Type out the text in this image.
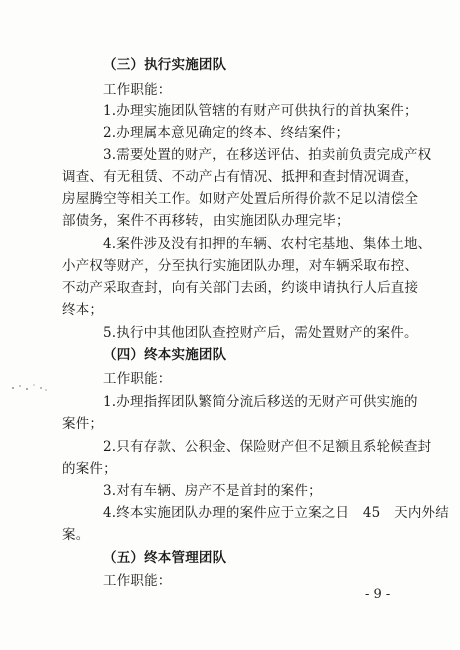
（三）执行实施团队
工作职能：
1.办理实施团队管辖的有财产可供执行的首执案件；
2.办理属本意见确定的终本、终结案件；
3.需要处置的财产，在移送评估、拍卖前负责完成产权
调查、有无租赁、不动产占有情况、抵押和查封情况调查，
房屋腾空等相关工作。如财产处置后所得价款不足以清偿全
部债务，案件不再移转，由实施团队办理完毕；
4.案件涉及没有扣押的车辆、农村宅基地、集体土地、
小产权等财产，分至执行实施团队办理，对车辆采取布控、
不动产采取查封，向有关部门去函，约谈申请执行人后直接
终本；
5.执行中其他团队查控财产后，需处置财产的案件。
（四）终本实施团队
工作职能：
1.办理指挥团队繁简分流后移送的无财产可供实施的
案件；
2.只有存款、公积金、保险财产但不足额且系轮候查封
的案件；
3.对有车辆、房产不是首封的案件；
4.终本实施团队办理的案件应于立案之日　45　天内外结
案。
（五）终本管理团队
工作职能：
- 9 -
